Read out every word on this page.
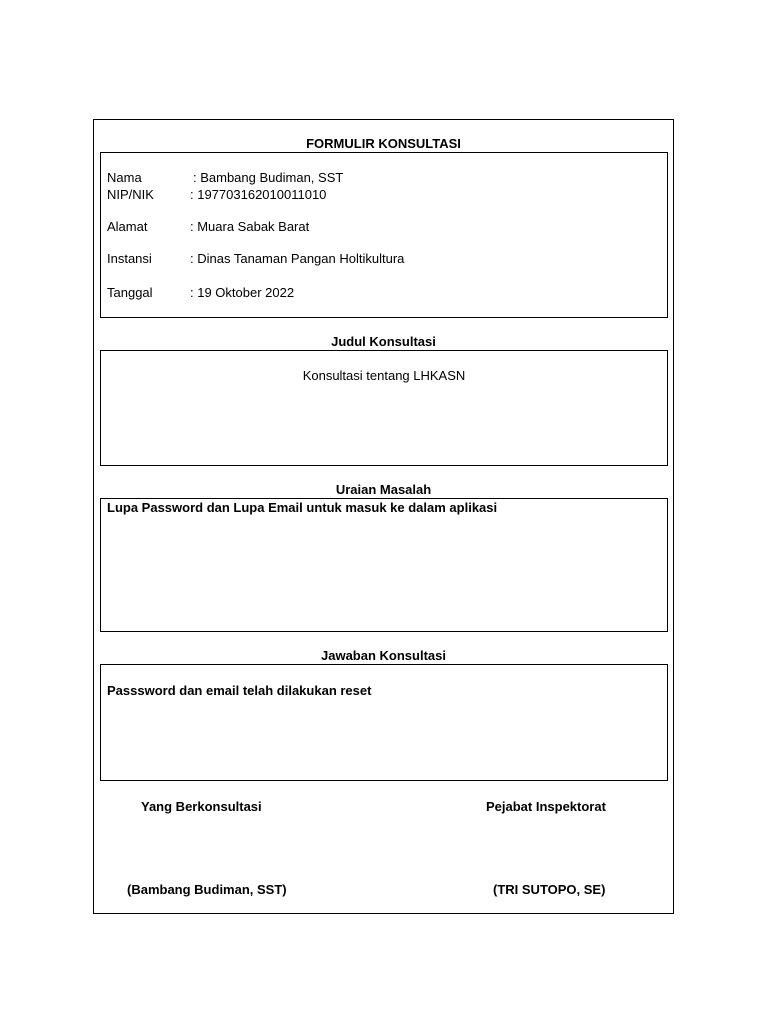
FORMULIR KONSULTASI
Nama	: Bambang Budiman, SST
NIP/NIK	: 197703162010011010
Alamat	: Muara Sabak Barat
Instansi	: Dinas Tanaman Pangan Holtikultura
Tanggal	: 19 Oktober 2022
Judul Konsultasi
Konsultasi tentang LHKASN
Uraian Masalah
Lupa Password dan Lupa Email untuk masuk ke dalam aplikasi
Jawaban Konsultasi
Passsword dan email telah dilakukan reset
Yang Berkonsultasi	Pejabat Inspektorat
(Bambang Budiman, SST)	(TRI SUTOPO, SE)
